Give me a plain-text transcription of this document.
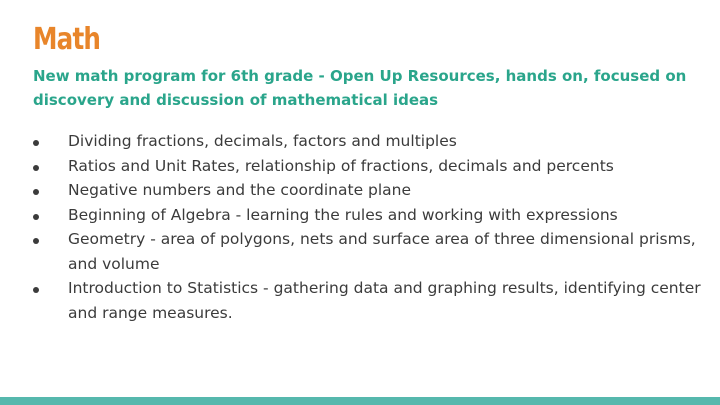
Math
New math program for 6th grade - Open Up Resources, hands on, focused on discovery and discussion of mathematical ideas
Dividing fractions, decimals, factors and multiples
Ratios and Unit Rates, relationship of fractions, decimals and percents
Negative numbers and the coordinate plane
Beginning of Algebra - learning the rules and working with expressions
Geometry - area of polygons, nets and surface area of three dimensional prisms, and volume
Introduction to Statistics - gathering data and graphing results, identifying center and range measures.
